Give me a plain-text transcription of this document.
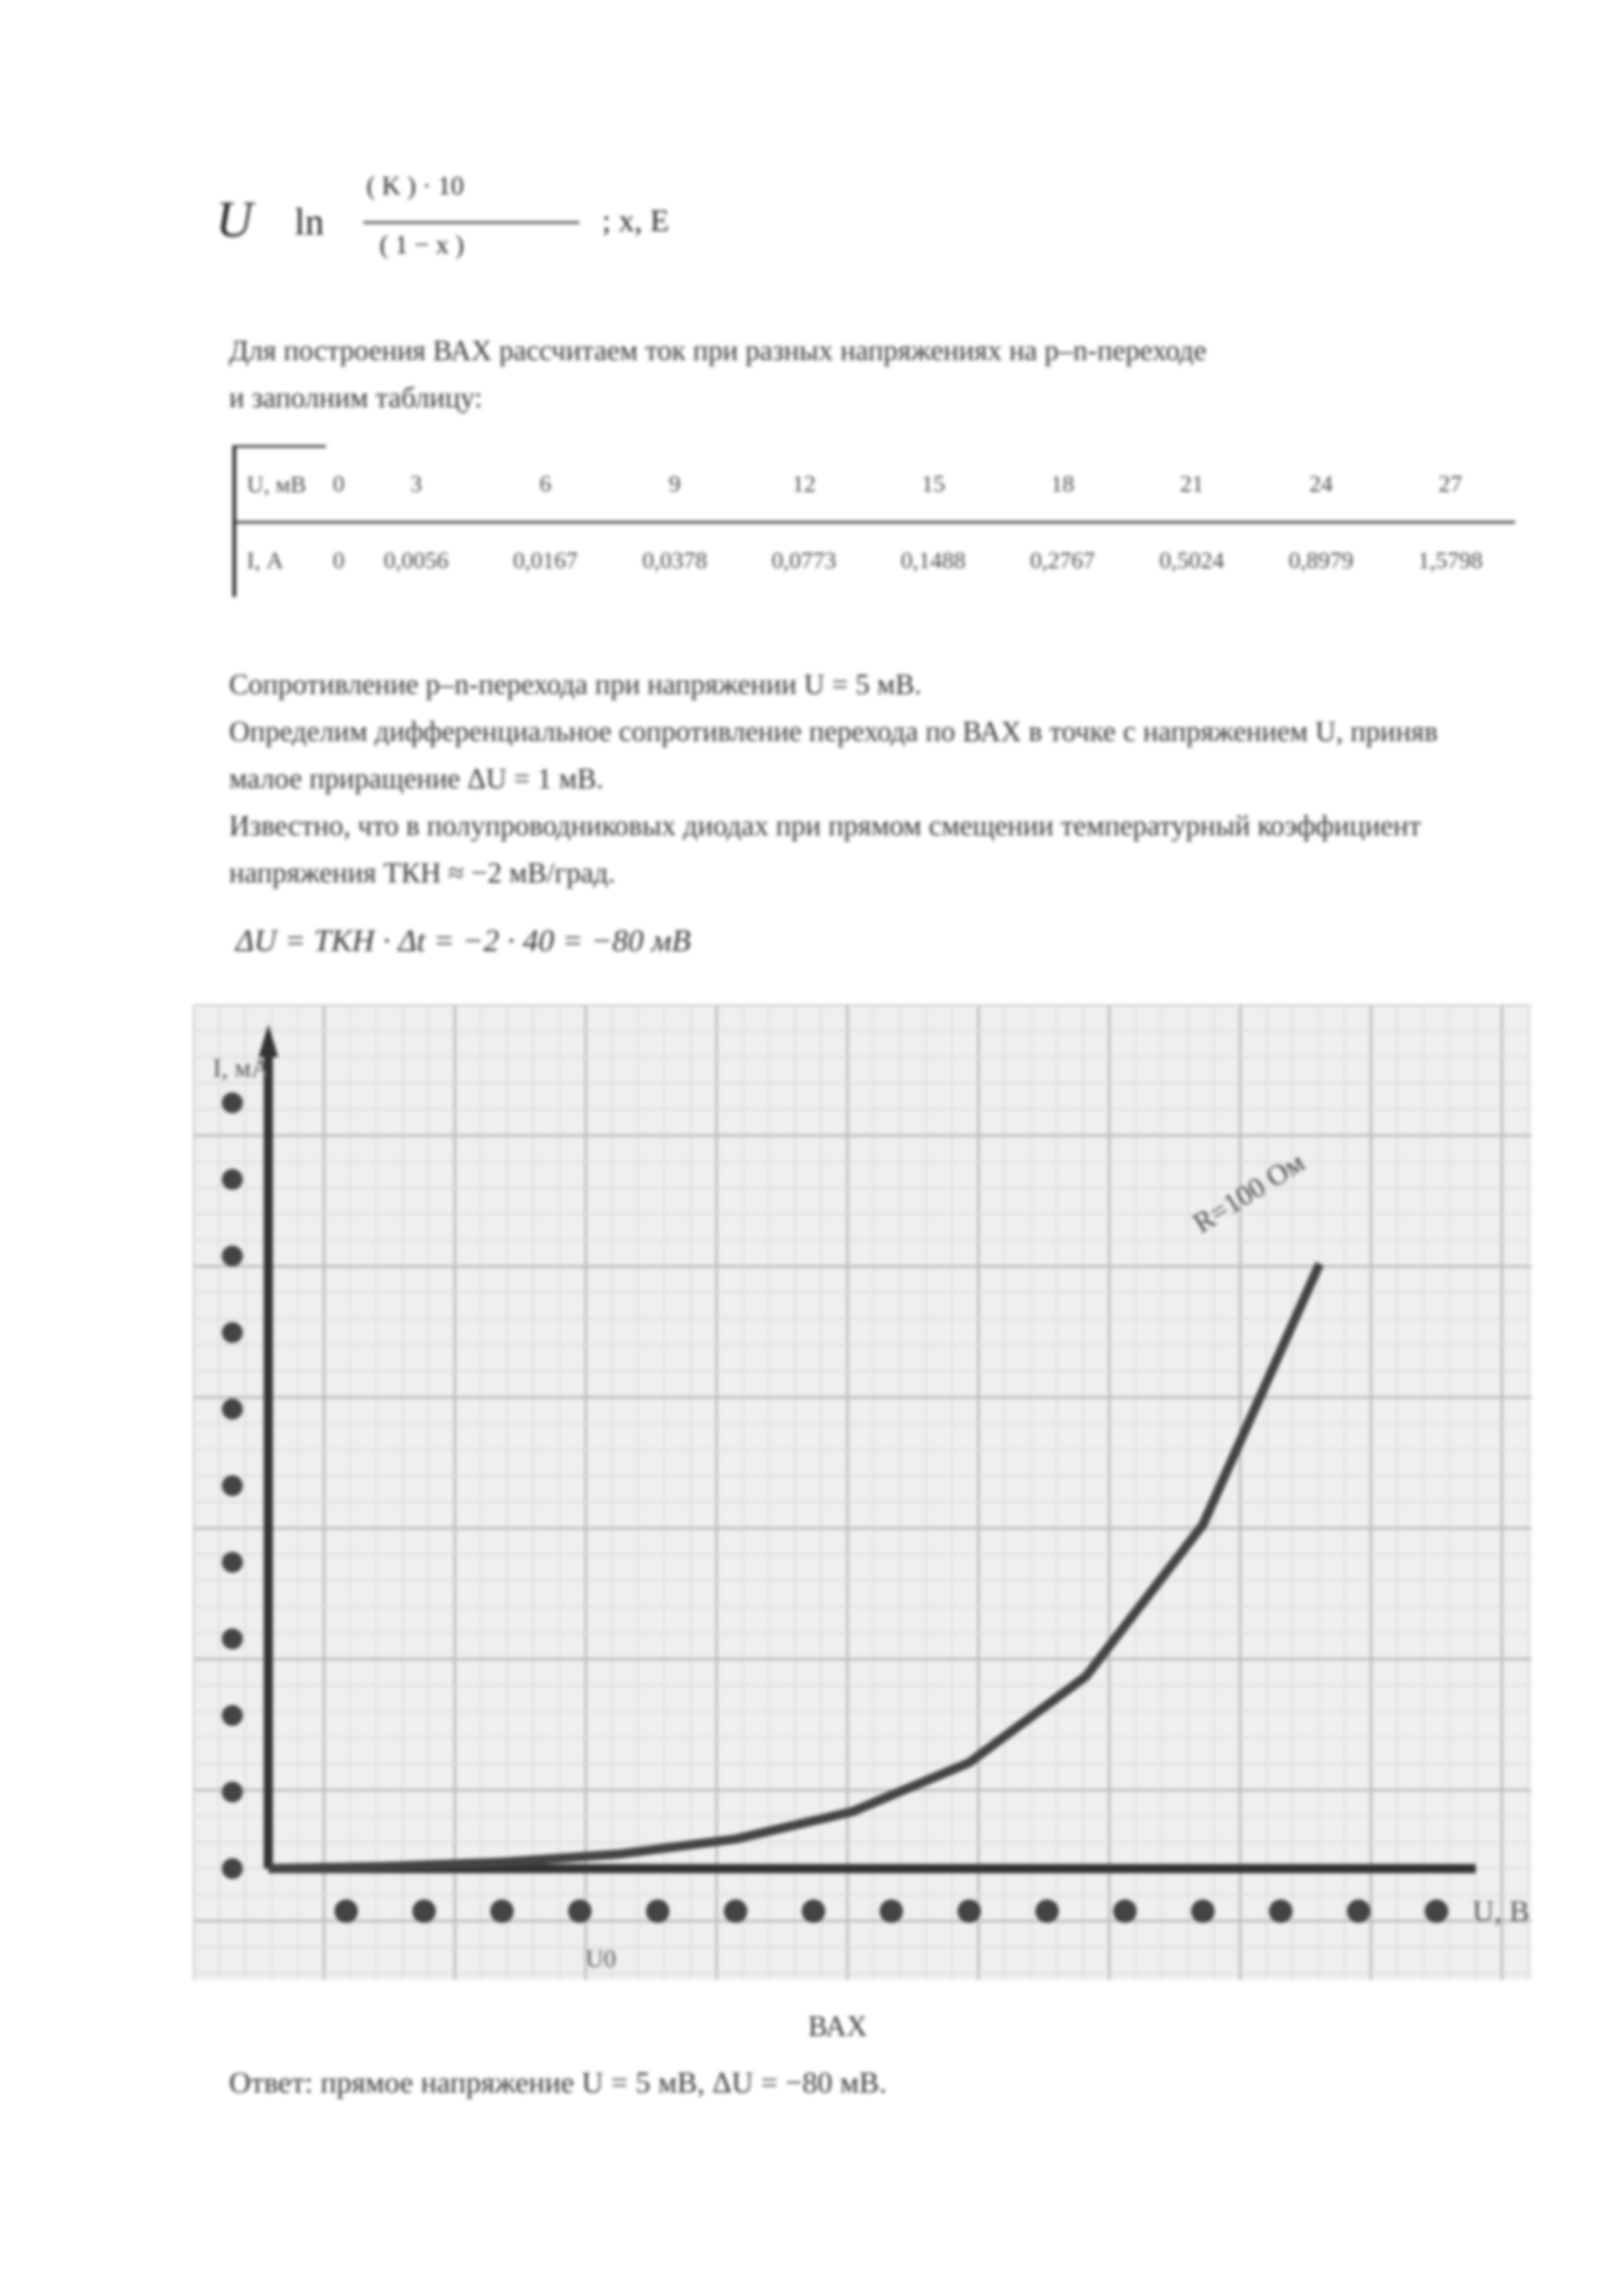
U ln
( K ) · 10
( 1 − x )
; x, E
Для построения ВАХ рассчитаем ток при разных напряжениях на р–n-переходе
и заполним таблицу:
U, мВ	0	3	6	9	12	15	18	21	24	27
I, А	0	0,0056	0,0167	0,0378	0,0773	0,1488	0,2767	0,5024	0,8979	1,5798
Сопротивление р–n-перехода при напряжении U = 5 мВ.
Определим дифференциальное сопротивление перехода по ВАХ в точке с напряжением U, приняв
малое приращение ΔU = 1 мВ.
Известно, что в полупроводниковых диодах при прямом смещении температурный коэффициент
напряжения ТКН ≈ −2 мВ/град.
ΔU = ТКН · Δt = −2 · 40 = −80 мВ
I, мА
U, В
R=100 Ом
U0
ВАХ
Ответ: прямое напряжение U = 5 мВ, ΔU = −80 мВ.
